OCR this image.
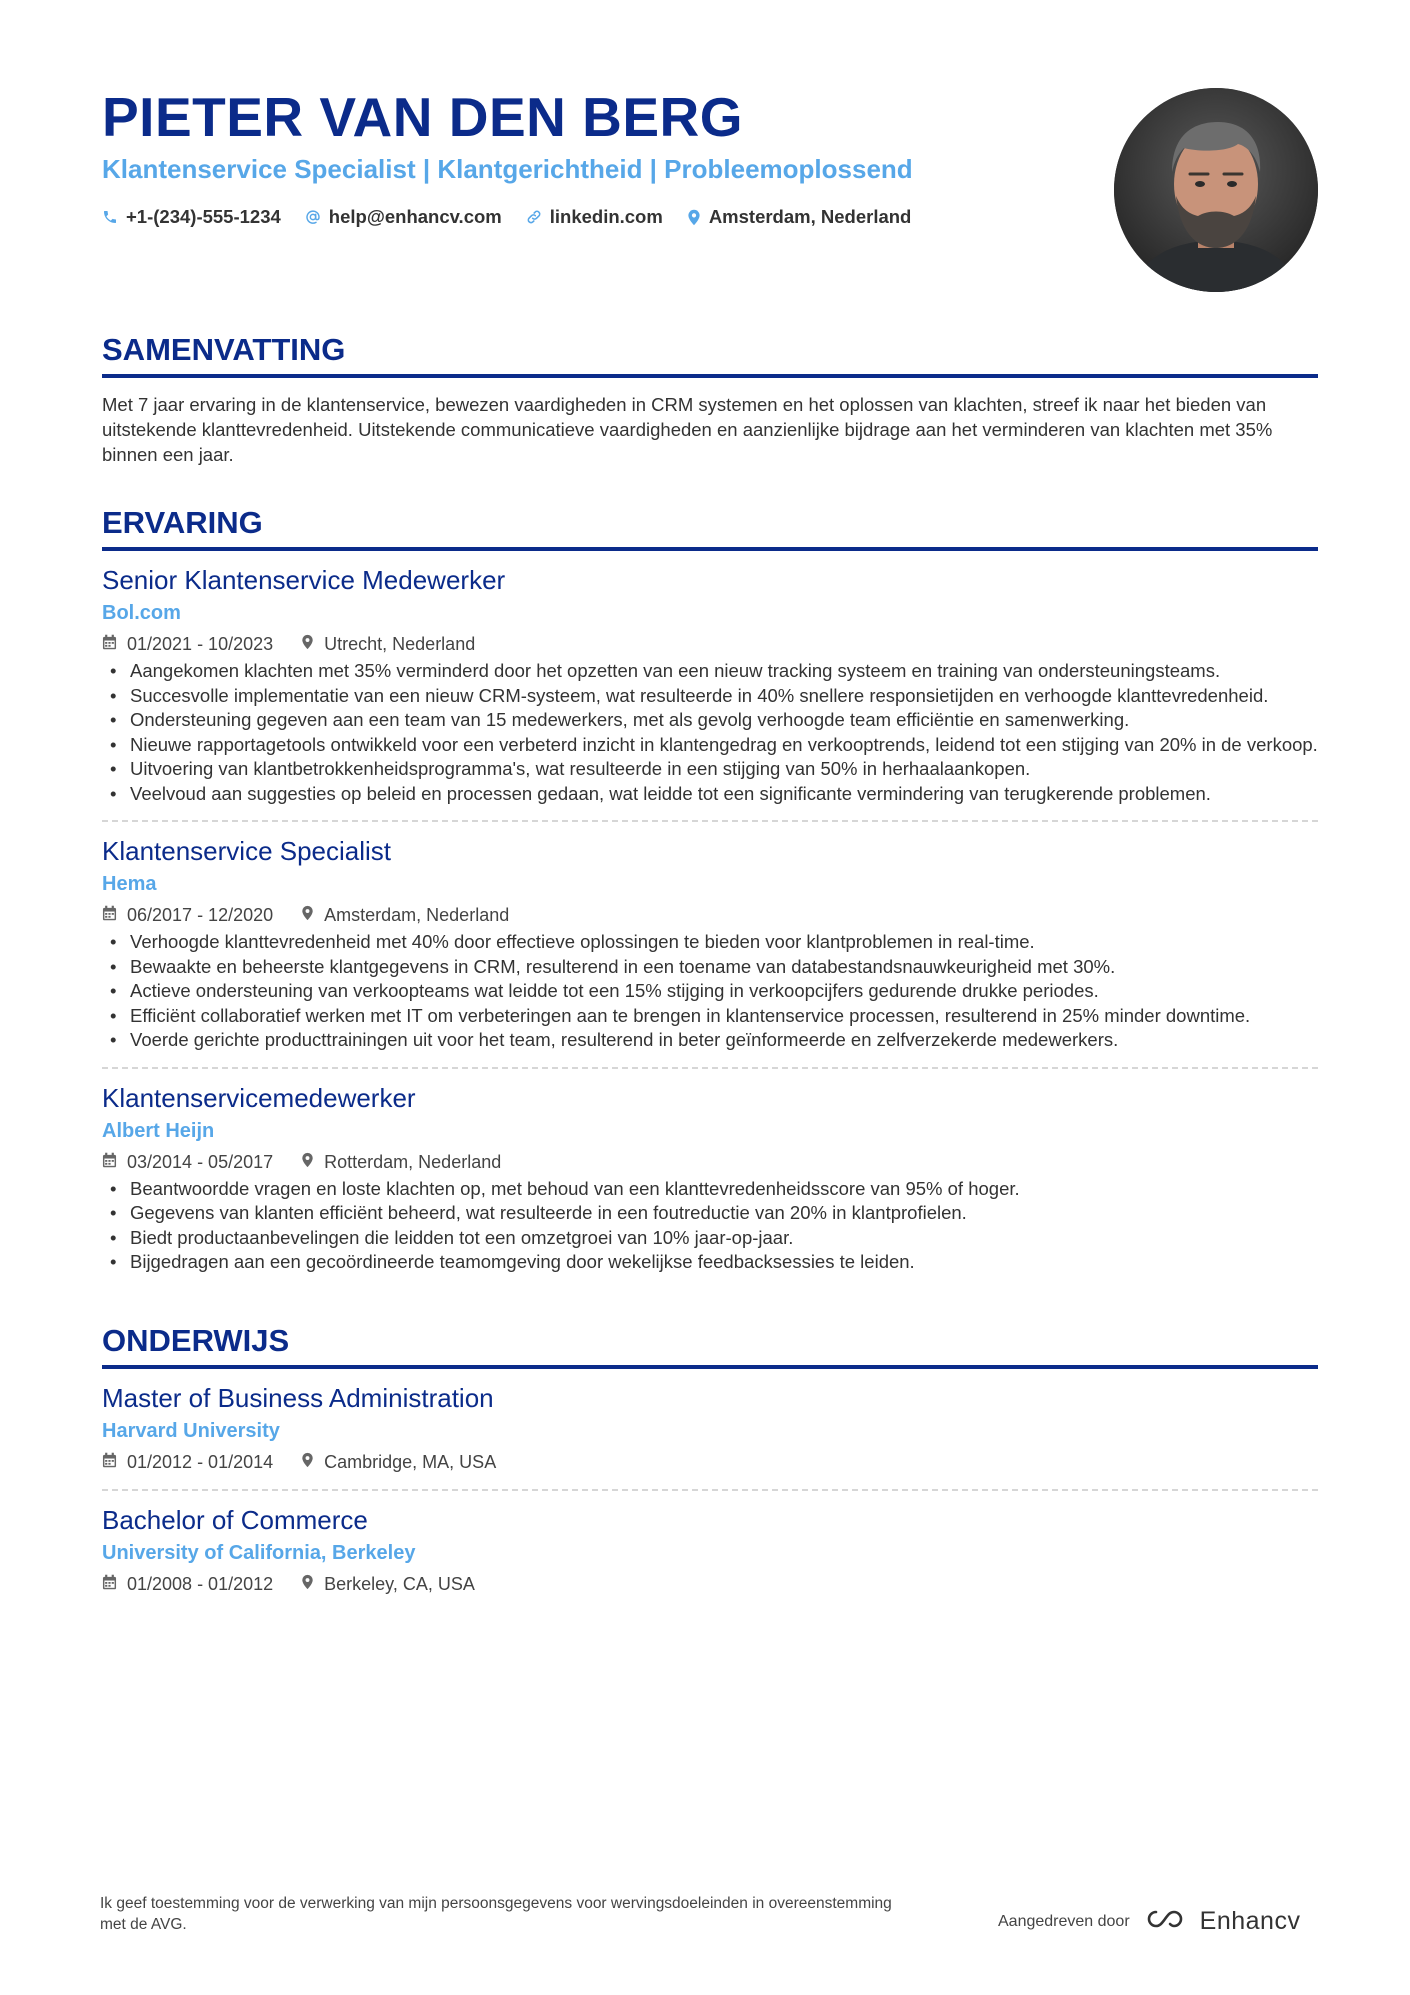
PIETER VAN DEN BERG
Klantenservice Specialist | Klantgerichtheid | Probleemoplossend
+1-(234)-555-1234	help@enhancv.com	linkedin.com Amsterdam, Nederland
SAMENVATTING
Met 7 jaar ervaring in de klantenservice, bewezen vaardigheden in CRM systemen en het oplossen van klachten, streef ik naar het bieden van uitstekende klanttevredenheid. Uitstekende communicatieve vaardigheden en aanzienlijke bijdrage aan het verminderen van klachten met 35% binnen een jaar.
ERVARING
Senior Klantenservice Medewerker
Bol.com
01/2021 - 10/2023	Utrecht, Nederland
• Aangekomen klachten met 35% verminderd door het opzetten van een nieuw tracking systeem en training van ondersteuningsteams.
• Succesvolle implementatie van een nieuw CRM-systeem, wat resulteerde in 40% snellere responsietijden en verhoogde klanttevredenheid.
• Ondersteuning gegeven aan een team van 15 medewerkers, met als gevolg verhoogde team efficiëntie en samenwerking.
• Nieuwe rapportagetools ontwikkeld voor een verbeterd inzicht in klantengedrag en verkooptrends, leidend tot een stijging van 20% in de verkoop.
• Uitvoering van klantbetrokkenheidsprogramma's, wat resulteerde in een stijging van 50% in herhaalaankopen.
• Veelvoud aan suggesties op beleid en processen gedaan, wat leidde tot een significante vermindering van terugkerende problemen.
Klantenservice Specialist
Hema
06/2017 - 12/2020	Amsterdam, Nederland
• Verhoogde klanttevredenheid met 40% door effectieve oplossingen te bieden voor klantproblemen in real-time.
• Bewaakte en beheerste klantgegevens in CRM, resulterend in een toename van databestandsnauwkeurigheid met 30%.
• Actieve ondersteuning van verkoopteams wat leidde tot een 15% stijging in verkoopcijfers gedurende drukke periodes.
• Efficiënt collaboratief werken met IT om verbeteringen aan te brengen in klantenservice processen, resulterend in 25% minder downtime.
• Voerde gerichte producttrainingen uit voor het team, resulterend in beter geïnformeerde en zelfverzekerde medewerkers.
Klantenservicemedewerker
Albert Heijn
03/2014 - 05/2017	Rotterdam, Nederland
• Beantwoordde vragen en loste klachten op, met behoud van een klanttevredenheidsscore van 95% of hoger.
• Gegevens van klanten efficiënt beheerd, wat resulteerde in een foutreductie van 20% in klantprofielen.
• Biedt productaanbevelingen die leidden tot een omzetgroei van 10% jaar-op-jaar.
• Bijgedragen aan een gecoördineerde teamomgeving door wekelijkse feedbacksessies te leiden.
ONDERWIJS
Master of Business Administration
Harvard University
01/2012 - 01/2014	Cambridge, MA, USA
Bachelor of Commerce
University of California, Berkeley
01/2008 - 01/2012	Berkeley, CA, USA
Ik geef toestemming voor de verwerking van mijn persoonsgegevens voor wervingsdoeleinden in overeenstemming met de AVG.	Aangedreven door	Enhancv
